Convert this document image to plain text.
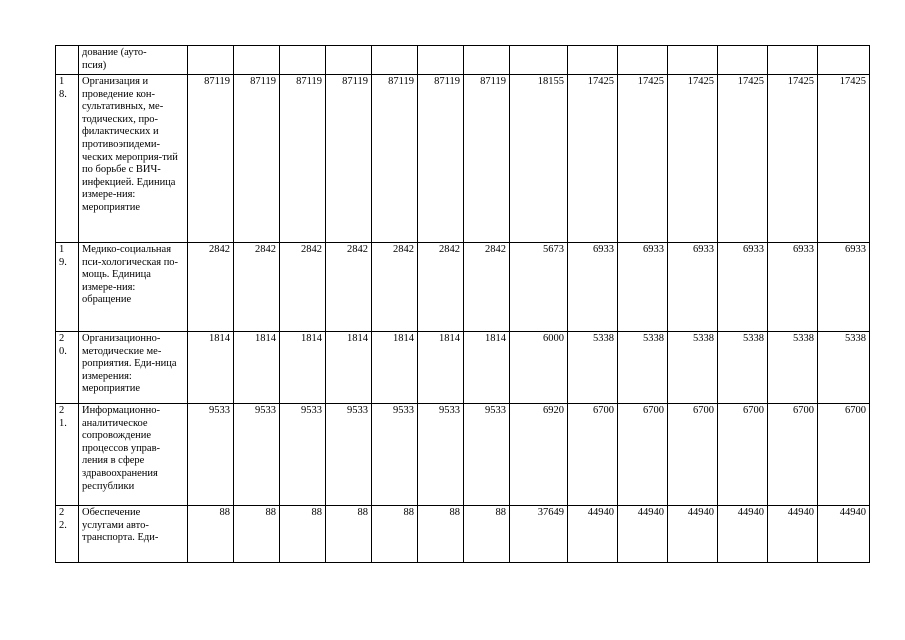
	дование (ауто-
псия)														
1
8.	Организация и проведение кон-сультативных, ме-тодических, про-филактических и противоэпидеми-ческих мероприя-тий по борьбе с ВИЧ-инфекцией. Единица измере-ния: мероприятие	87119	87119	87119	87119	87119	87119	87119	18155	17425	17425	17425	17425	17425	17425
1
9.	Медико-социальная пси-хологическая по-мощь. Единица измере-ния: обращение	2842	2842	2842	2842	2842	2842	2842	5673	6933	6933	6933	6933	6933	6933
2
0.	Организационно-методические ме-роприятия. Еди-ница измерения: мероприятие	1814	1814	1814	1814	1814	1814	1814	6000	5338	5338	5338	5338	5338	5338
2
1.	Информационно-аналитическое сопровождение процессов управ-ления в сфере здравоохранения республики	9533	9533	9533	9533	9533	9533	9533	6920	6700	6700	6700	6700	6700	6700
2
2.	Обеспечение услугами авто-транспорта. Еди-	88	88	88	88	88	88	88	37649	44940	44940	44940	44940	44940	44940
